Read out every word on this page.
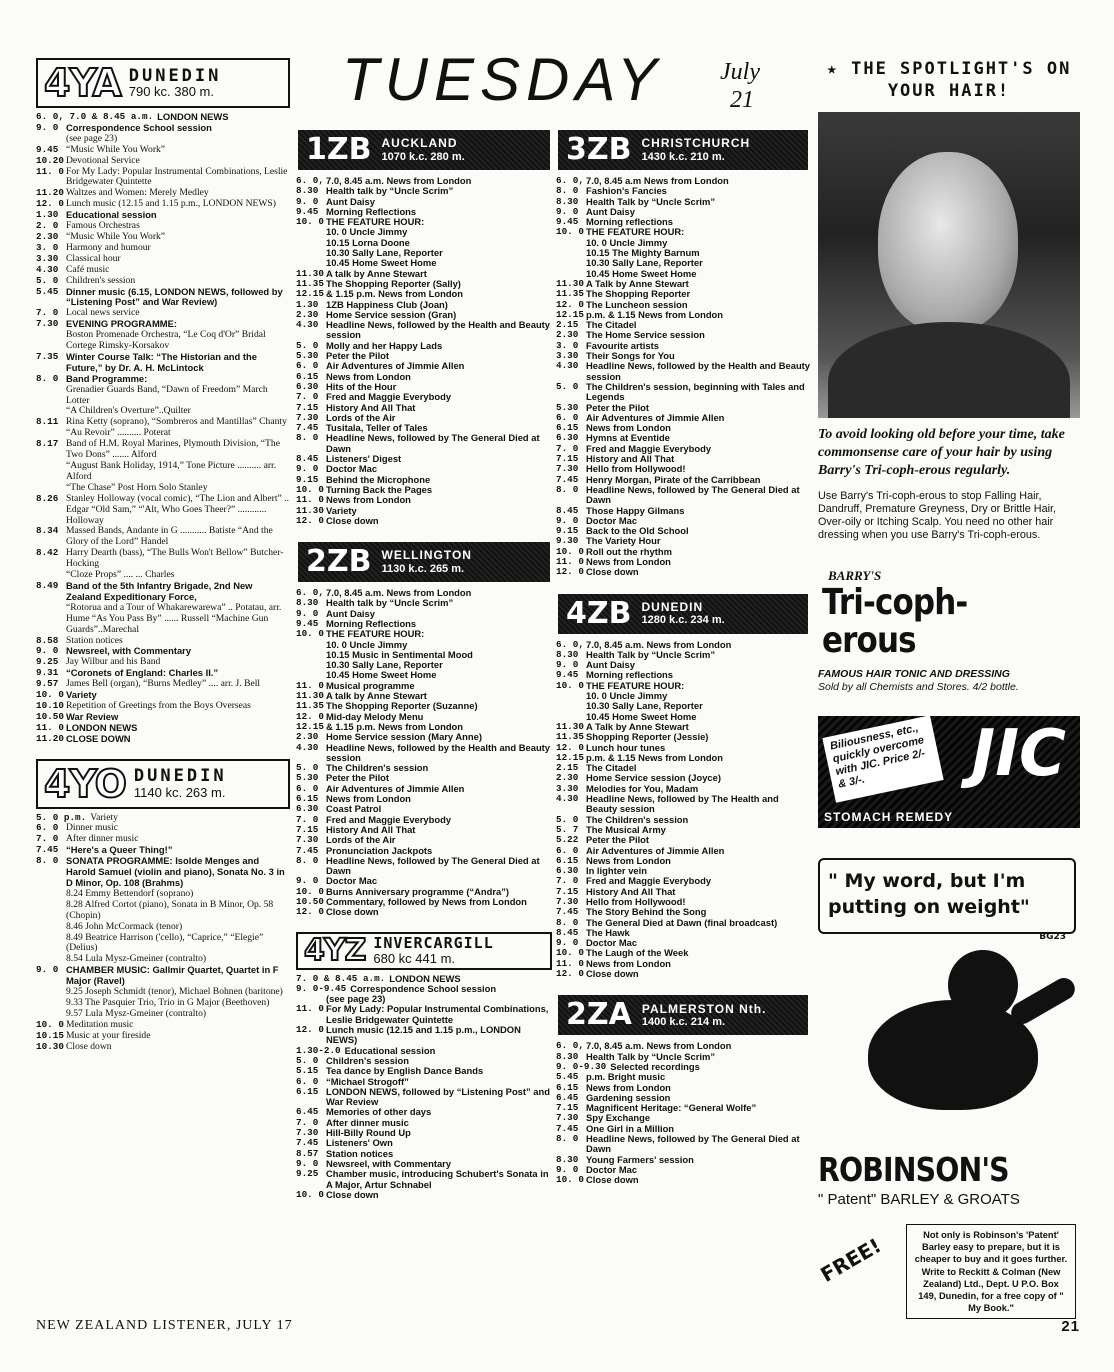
TUESDAY July
21
4YA DUNEDIN
790 kc. 380 m.
6. 0, 7.0 & 8.45 a.m. LONDON NEWS
9. 0 Correspondence School session
(see page 23)
9.45 “Music While You Work”
10.20 Devotional Service
11. 0 For My Lady: Popular Instrumental Combinations, Leslie Bridgewater Quintette
11.20 Waltzes and Women: Merely Medley
12. 0 Lunch music (12.15 and 1.15 p.m., LONDON NEWS)
1.30 Educational session
2. 0 Famous Orchestras
2.30 “Music While You Work”
3. 0 Harmony and humour
3.30 Classical hour
4.30 Café music
5. 0 Children's session
5.45 Dinner music (6.15, LONDON NEWS, followed by “Listening Post” and War Review)
7. 0 Local news service
7.30 EVENING PROGRAMME:
Boston Promenade Orchestra, “Le Coq d'Or” Bridal Cortege Rimsky-Korsakov
7.35 Winter Course Talk: “The Historian and the Future,” by Dr. A. H. McLintock
8. 0 Band Programme:
Grenadier Guards Band, “Dawn of Freedom” March Lotter
“A Children's Overture”..Quilter
8.11 Rina Ketty (soprano), “Sombreros and Mantillas” Chanty
“Au Revoir” .......... Poterat
8.17 Band of H.M. Royal Marines, Plymouth Division, “The Two Dons” ....... Alford
“August Bank Holiday, 1914,” Tone Picture .......... arr. Alford
“The Chase” Post Horn Solo Stanley
8.26 Stanley Holloway (vocal comic), “The Lion and Albert” .. Edgar “Old Sam,” “'Alt, Who Goes Theer?” ............ Holloway
8.34 Massed Bands, Andante in G ........... Batiste “And the Glory of the Lord” Handel
8.42 Harry Dearth (bass), “The Bulls Won't Bellow” Butcher-Hocking
“Cloze Props” .... ... Charles
8.49 Band of the 5th Infantry Brigade, 2nd New Zealand Expeditionary Force,
“Rotorua and a Tour of Whakarewarewa” .. Potatau, arr. Hume “As You Pass By” ...... Russell “Machine Gun Guards”..Marechal
8.58 Station notices
9. 0 Newsreel, with Commentary
9.25 Jay Wilbur and his Band
9.31 “Coronets of England: Charles II.”
9.57 James Bell (organ), “Burns Medley” .... arr. J. Bell
10. 0 Variety
10.10 Repetition of Greetings from the Boys Overseas
10.50 War Review
11. 0 LONDON NEWS
11.20 CLOSE DOWN
4YO DUNEDIN
1140 kc. 263 m.
5. 0 p.m. Variety
6. 0 Dinner music
7. 0 After dinner music
7.45 “Here's a Queer Thing!”
8. 0 SONATA PROGRAMME: Isolde Menges and Harold Samuel (violin and piano), Sonata No. 3 in D Minor, Op. 108 (Brahms)
8.24 Emmy Bettendorf (soprano)
8.28 Alfred Cortot (piano), Sonata in B Minor, Op. 58 (Chopin)
8.46 John McCormack (tenor)
8.49 Beatrice Harrison ('cello), “Caprice,” “Elegie” (Delius)
8.54 Lula Mysz-Gmeiner (contralto)
9. 0 CHAMBER MUSIC: Gallmir Quartet, Quartet in F Major (Ravel)
9.25 Joseph Schmidt (tenor), Michael Bohnen (baritone)
9.33 The Pasquier Trio, Trio in G Major (Beethoven)
9.57 Lula Mysz-Gmeiner (contralto)
10. 0 Meditation music
10.15 Music at your fireside
10.30 Close down
1ZB AUCKLAND
1070 k.c. 280 m.
6. 0, 7.0, 8.45 a.m. News from London
8.30 Health talk by “Uncle Scrim”
9. 0 Aunt Daisy
9.45 Morning Reflections
10. 0 THE FEATURE HOUR:
10. 0 Uncle Jimmy
10.15 Lorna Doone
10.30 Sally Lane, Reporter
10.45 Home Sweet Home
11.30 A talk by Anne Stewart
11.35 The Shopping Reporter (Sally)
12.15 & 1.15 p.m. News from London
1.30 1ZB Happiness Club (Joan)
2.30 Home Service session (Gran)
4.30 Headline News, followed by the Health and Beauty session
5. 0 Molly and her Happy Lads
5.30 Peter the Pilot
6. 0 Air Adventures of Jimmie Allen
6.15 News from London
6.30 Hits of the Hour
7. 0 Fred and Maggie Everybody
7.15 History And All That
7.30 Lords of the Air
7.45 Tusitala, Teller of Tales
8. 0 Headline News, followed by The General Died at Dawn
8.45 Listeners' Digest
9. 0 Doctor Mac
9.15 Behind the Microphone
10. 0 Turning Back the Pages
11. 0 News from London
11.30 Variety
12. 0 Close down
2ZB WELLINGTON
1130 k.c. 265 m.
6. 0, 7.0, 8.45 a.m. News from London
8.30 Health talk by “Uncle Scrim”
9. 0 Aunt Daisy
9.45 Morning Reflections
10. 0 THE FEATURE HOUR:
10. 0 Uncle Jimmy
10.15 Music in Sentimental Mood
10.30 Sally Lane, Reporter
10.45 Home Sweet Home
11. 0 Musical programme
11.30 A talk by Anne Stewart
11.35 The Shopping Reporter (Suzanne)
12. 0 Mid-day Melody Menu
12.15 & 1.15 p.m. News from London
2.30 Home Service session (Mary Anne)
4.30 Headline News, followed by the Health and Beauty session
5. 0 The Children's session
5.30 Peter the Pilot
6. 0 Air Adventures of Jimmie Allen
6.15 News from London
6.30 Coast Patrol
7. 0 Fred and Maggie Everybody
7.15 History And All That
7.30 Lords of the Air
7.45 Pronunciation Jackpots
8. 0 Headline News, followed by The General Died at Dawn
9. 0 Doctor Mac
10. 0 Burns Anniversary programme (“Andra”)
10.50 Commentary, followed by News from London
12. 0 Close down
4YZ INVERCARGILL
680 kc 441 m.
7. 0 & 8.45 a.m. LONDON NEWS
9. 0-9.45 Correspondence School session
(see page 23)
11. 0 For My Lady: Popular Instrumental Combinations, Leslie Bridgewater Quintette
12. 0 Lunch music (12.15 and 1.15 p.m., LONDON NEWS)
1.30-2.0 Educational session
5. 0 Children's session
5.15 Tea dance by English Dance Bands
6. 0 “Michael Strogoff”
6.15 LONDON NEWS, followed by “Listening Post” and War Review
6.45 Memories of other days
7. 0 After dinner music
7.30 Hill-Billy Round Up
7.45 Listeners' Own
8.57 Station notices
9. 0 Newsreel, with Commentary
9.25 Chamber music, introducing Schubert's Sonata in A Major, Artur Schnabel
10. 0 Close down
3ZB CHRISTCHURCH
1430 k.c. 210 m.
6. 0, 7.0, 8.45 a.m News from London
8. 0 Fashion's Fancies
8.30 Health Talk by “Uncle Scrim”
9. 0 Aunt Daisy
9.45 Morning reflections
10. 0 THE FEATURE HOUR:
10. 0 Uncle Jimmy
10.15 The Mighty Barnum
10.30 Sally Lane, Reporter
10.45 Home Sweet Home
11.30 A Talk by Anne Stewart
11.35 The Shopping Reporter
12. 0 The Luncheon session
12.15 p.m. & 1.15 News from London
2.15 The Citadel
2.30 The Home Service session
3. 0 Favourite artists
3.30 Their Songs for You
4.30 Headline News, followed by the Health and Beauty session
5. 0 The Children's session, beginning with Tales and Legends
5.30 Peter the Pilot
6. 0 Air Adventures of Jimmie Allen
6.15 News from London
6.30 Hymns at Eventide
7. 0 Fred and Maggie Everybody
7.15 History and All That
7.30 Hello from Hollywood!
7.45 Henry Morgan, Pirate of the Carribbean
8. 0 Headline News, followed by The General Died at Dawn
8.45 Those Happy Gilmans
9. 0 Doctor Mac
9.15 Back to the Old School
9.30 The Variety Hour
10. 0 Roll out the rhythm
11. 0 News from London
12. 0 Close down
4ZB DUNEDIN
1280 k.c. 234 m.
6. 0, 7.0, 8.45 a.m. News from London
8.30 Health Talk by “Uncle Scrim”
9. 0 Aunt Daisy
9.45 Morning reflections
10. 0 THE FEATURE HOUR:
10. 0 Uncle Jimmy
10.30 Sally Lane, Reporter
10.45 Home Sweet Home
11.30 A Talk by Anne Stewart
11.35 Shopping Reporter (Jessie)
12. 0 Lunch hour tunes
12.15 p.m. & 1.15 News from London
2.15 The Citadel
2.30 Home Service session (Joyce)
3.30 Melodies for You, Madam
4.30 Headline News, followed by The Health and Beauty session
5. 0 The Children's session
5. 7 The Musical Army
5.22 Peter the Pilot
6. 0 Air Adventures of Jimmie Allen
6.15 News from London
6.30 In lighter vein
7. 0 Fred and Maggie Everybody
7.15 History And All That
7.30 Hello from Hollywood!
7.45 The Story Behind the Song
8. 0 The General Died at Dawn (final broadcast)
8.45 The Hawk
9. 0 Doctor Mac
10. 0 The Laugh of the Week
11. 0 News from London
12. 0 Close down
2ZA PALMERSTON Nth.
1400 k.c. 214 m.
6. 0, 7.0, 8.45 a.m. News from London
8.30 Health Talk by “Uncle Scrim”
9. 0-9.30 Selected recordings
5.45 p.m. Bright music
6.15 News from London
6.45 Gardening session
7.15 Magnificent Heritage: “General Wolfe”
7.30 Spy Exchange
7.45 One Girl in a Million
8. 0 Headline News, followed by The General Died at Dawn
8.30 Young Farmers' session
9. 0 Doctor Mac
10. 0 Close down
★ THE SPOTLIGHT'S ON YOUR HAIR!
To avoid looking old before your time, take commonsense care of your hair by using Barry's Tri-coph-erous regularly.
Use Barry's Tri-coph-erous to stop Falling Hair, Dandruff, Premature Greyness, Dry or Brittle Hair, Over-oily or Itching Scalp. You need no other hair dressing when you use Barry's Tri-coph-erous.
BARRY'S
Tri-coph-erous
FAMOUS HAIR TONIC AND DRESSING
Sold by all Chemists and Stores. 4/2 bottle.
Biliousness, etc., quickly overcome with JIC. Price 2/- & 3/-.	JIC
STOMACH REMEDY
" My word, but I'm putting on weight"
BG23
ROBINSON'S
" Patent" BARLEY & GROATS
FREE!	Not only is Robinson's 'Patent' Barley easy to prepare, but it is cheaper to buy and it goes further. Write to Reckitt & Colman (New Zealand) Ltd., Dept. U P.O. Box 149, Dunedin, for a free copy of " My Book."
NEW ZEALAND LISTENER, JULY 17	21
